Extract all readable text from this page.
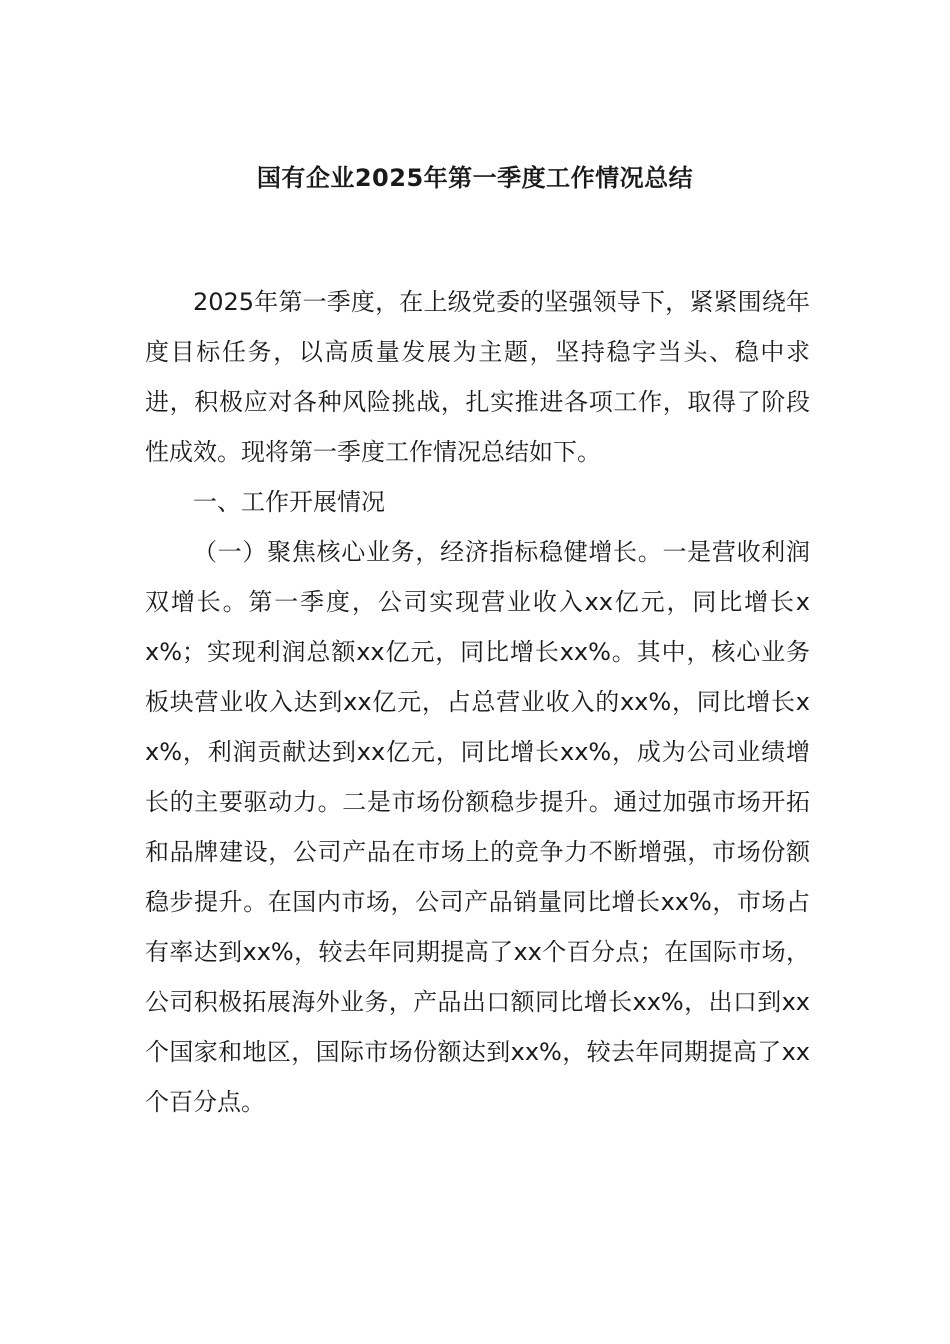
国有企业2025年第一季度工作情况总结

2025年第一季度，在上级党委的坚强领导下，紧紧围绕年度目标任务，以高质量发展为主题，坚持稳字当头、稳中求进，积极应对各种风险挑战，扎实推进各项工作，取得了阶段性成效。现将第一季度工作情况总结如下。

一、工作开展情况

（一）聚焦核心业务，经济指标稳健增长。一是营收利润双增长。第一季度，公司实现营业收入xx亿元，同比增长xx%；实现利润总额xx亿元，同比增长xx%。其中，核心业务板块营业收入达到xx亿元，占总营业收入的xx%，同比增长xx%，利润贡献达到xx亿元，同比增长xx%，成为公司业绩增长的主要驱动力。二是市场份额稳步提升。通过加强市场开拓和品牌建设，公司产品在市场上的竞争力不断增强，市场份额稳步提升。在国内市场，公司产品销量同比增长xx%，市场占有率达到xx%，较去年同期提高了xx个百分点；在国际市场，公司积极拓展海外业务，产品出口额同比增长xx%，出口到xx个国家和地区，国际市场份额达到xx%，较去年同期提高了xx个百分点。
